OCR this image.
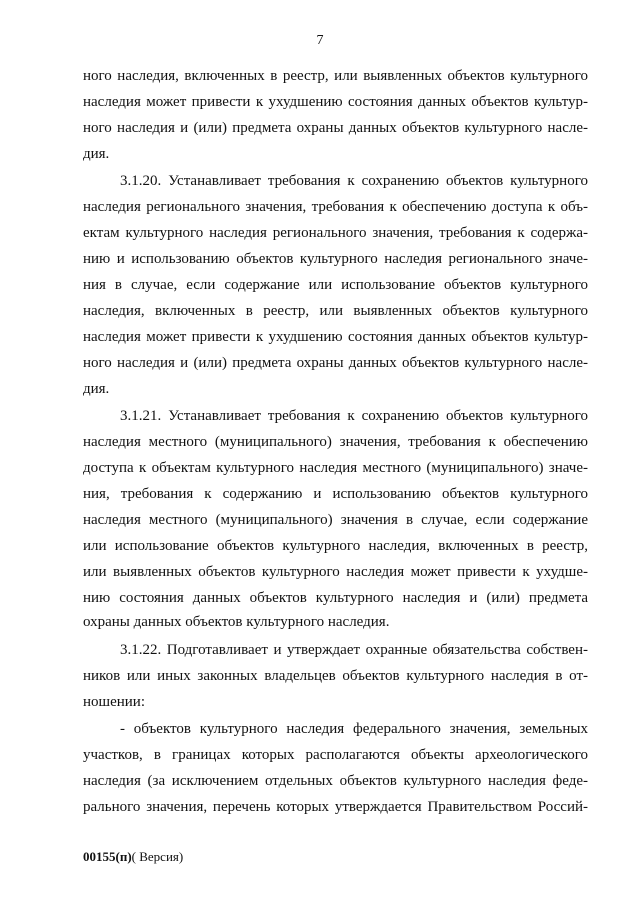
7
ного наследия, включенных в реестр, или выявленных объектов культурного
наследия может привести к ухудшению состояния данных объектов культур-
ного наследия и (или) предмета охраны данных объектов культурного насле-
дия.
3.1.20. Устанавливает требования к сохранению объектов культурного
наследия регионального значения, требования к обеспечению доступа к объ-
ектам культурного наследия регионального значения, требования к содержа-
нию и использованию объектов культурного наследия регионального значе-
ния в случае, если содержание или использование объектов культурного
наследия, включенных в реестр, или выявленных объектов культурного
наследия может привести к ухудшению состояния данных объектов культур-
ного наследия и (или) предмета охраны данных объектов культурного насле-
дия.
3.1.21. Устанавливает требования к сохранению объектов культурного
наследия местного (муниципального) значения, требования к обеспечению
доступа к объектам культурного наследия местного (муниципального) значе-
ния, требования к содержанию и использованию объектов культурного
наследия местного (муниципального) значения в случае, если содержание
или использование объектов культурного наследия, включенных в реестр,
или выявленных объектов культурного наследия может привести к ухудше-
нию состояния данных объектов культурного наследия и (или) предмета
охраны данных объектов культурного наследия.
3.1.22. Подготавливает и утверждает охранные обязательства собствен-
ников или иных законных владельцев объектов культурного наследия в от-
ношении:
- объектов культурного наследия федерального значения, земельных
участков, в границах которых располагаются объекты археологического
наследия (за исключением отдельных объектов культурного наследия феде-
рального значения, перечень которых утверждается Правительством Россий-
00155(п)( Версия)
